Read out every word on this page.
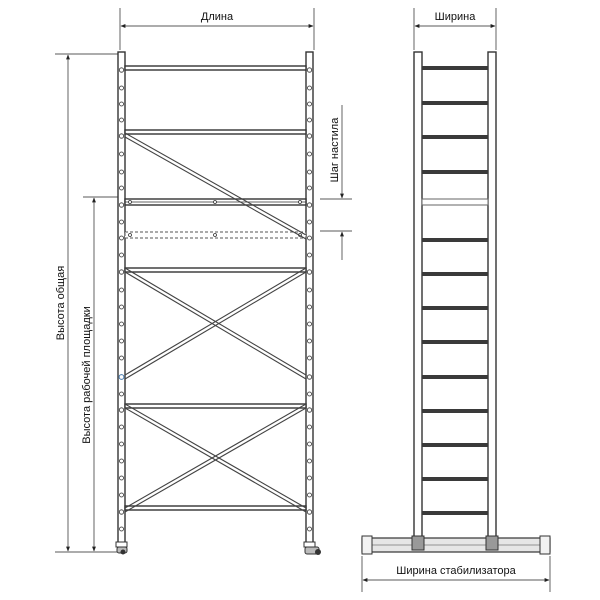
Длина
Высота общая
Высота рабочей площадки
Шаг настила
Ширина
Ширина стабилизатора
